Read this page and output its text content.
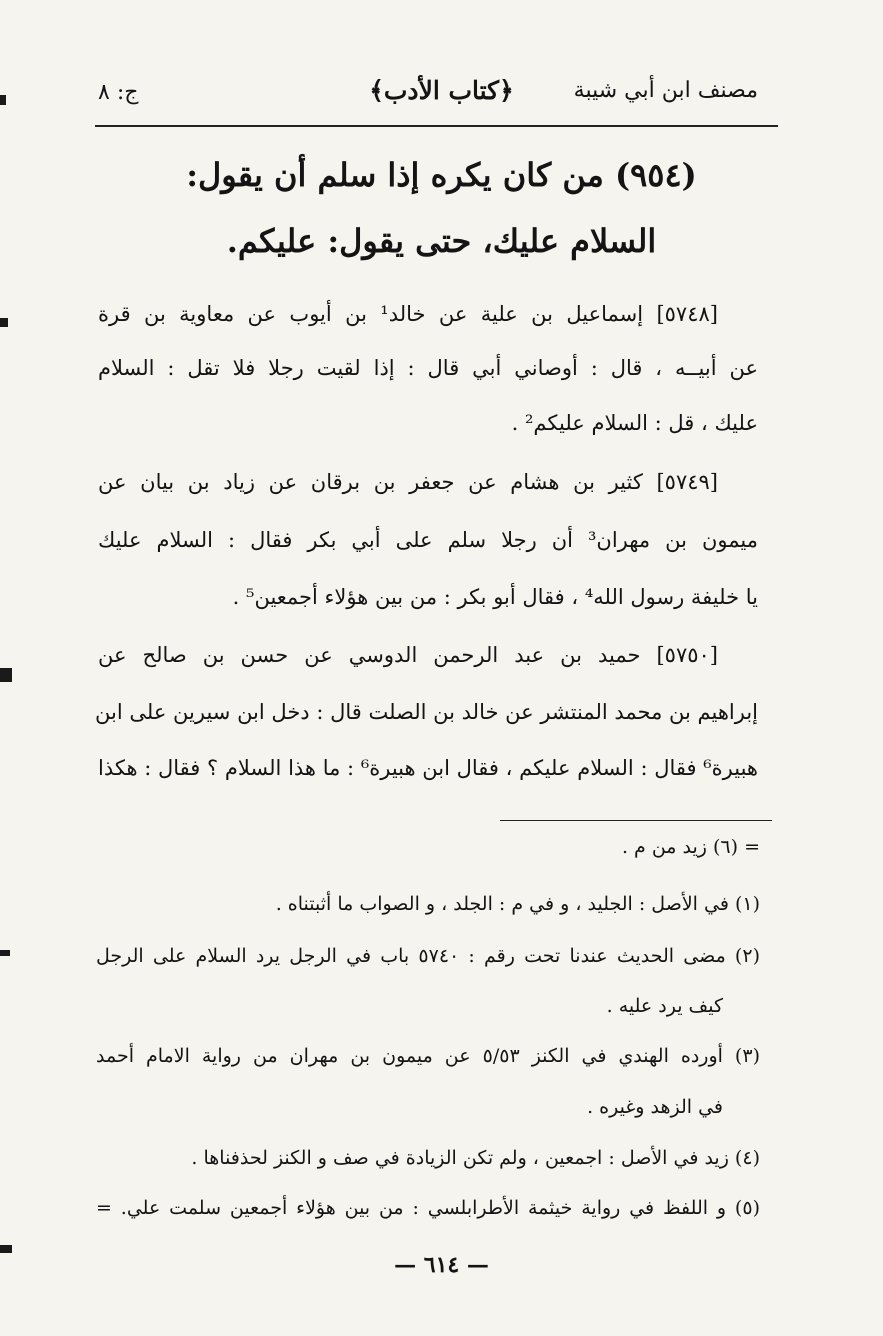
مصنف ابن أبي شيبة
﴿كتاب الأدب﴾
ج: ٨
(٩٥٤) من كان يكره إذا سلم أن يقول:
السلام عليك، حتى يقول: عليكم.
[٥٧٤٨] إسماعيل بن علية عن خالد¹ بن أيوب عن معاوية بن قرة
عن أبيــه ، قال : أوصاني أبي قال : إذا لقيت رجلا فلا تقل : السلام
عليك ، قل : السلام عليكم² .
[٥٧٤٩] كثير بن هشام عن جعفر بن برقان عن زياد بن بيان عن
ميمون بن مهران³ أن رجلا سلم على أبي بكر فقال : السلام عليك
يا خليفة رسول الله⁴ ، فقال أبو بكر : من بين هؤلاء أجمعين⁵ .
[٥٧٥٠] حميد بن عبد الرحمن الدوسي عن حسن بن صالح عن
إبراهيم بن محمد المنتشر عن خالد بن الصلت قال : دخل ابن سيرين على ابن
هبيرة⁶ فقال : السلام عليكم ، فقال ابن هبيرة⁶ : ما هذا السلام ؟ فقال : هكذا
= (٦) زيد من م .
(١) في الأصل : الجليد ، و في م : الجلد ، و الصواب ما أثبتناه .
(٢) مضى الحديث عندنا تحت رقم : ٥٧٤٠ باب في الرجل يرد السلام على الرجل
كيف يرد عليه .
(٣) أورده الهندي في الكنز ٥/٥٣ عن ميمون بن مهران من رواية الامام أحمد
في الزهد وغيره .
(٤) زيد في الأصل : اجمعين ، ولم تكن الزيادة في صف و الكنز لحذفناها .
(٥) و اللفظ في رواية خيثمة الأطرابلسي : من بين هؤلاء أجمعين سلمت علي. =
— ٦١٤ —
